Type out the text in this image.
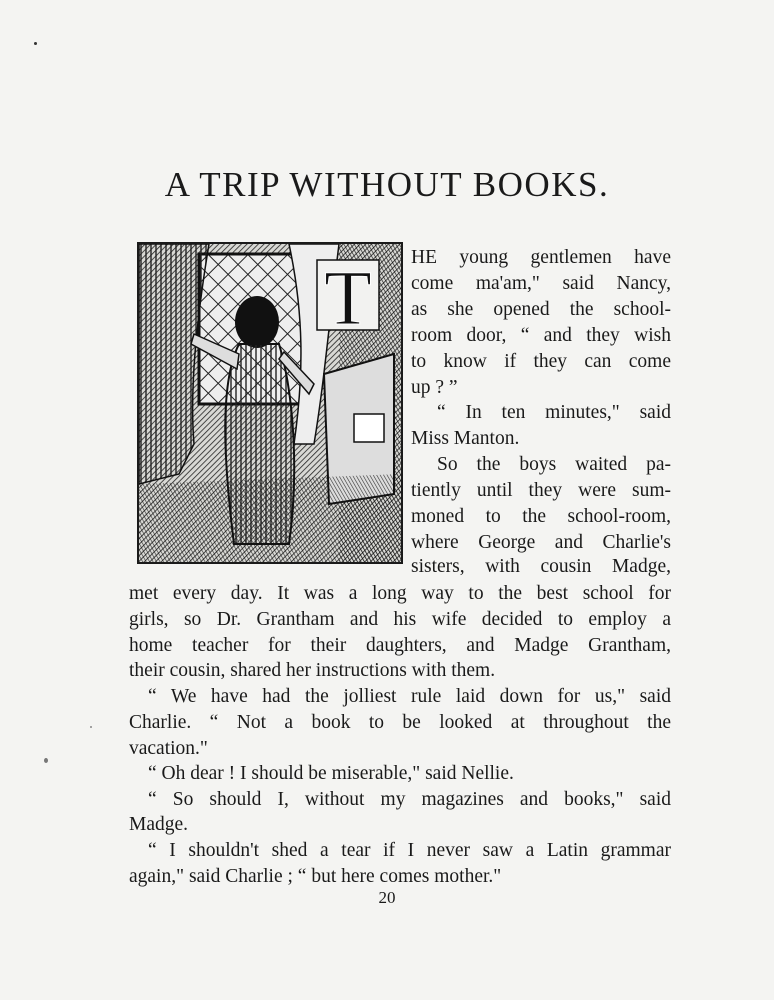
A TRIP WITHOUT BOOKS.
T HE young gentlemen have
come ma'am," said Nancy,
as she opened the school-
room door, “ and they wish
to know if they can come
up ? ”
“ In ten minutes," said
Miss Manton.
So the boys waited pa-
tiently until they were sum-
moned to the school-room,
where George and Charlie's
sisters, with cousin Madge,
met every day. It was a long way to the best school for
girls, so Dr. Grantham and his wife decided to employ a
home teacher for their daughters, and Madge Grantham,
their cousin, shared her instructions with them.
“ We have had the jolliest rule laid down for us," said
Charlie. “ Not a book to be looked at throughout the
vacation."
“ Oh dear ! I should be miserable," said Nellie.
“ So should I, without my magazines and books," said
Madge.
“ I shouldn't shed a tear if I never saw a Latin grammar
again," said Charlie ; “ but here comes mother."
20
